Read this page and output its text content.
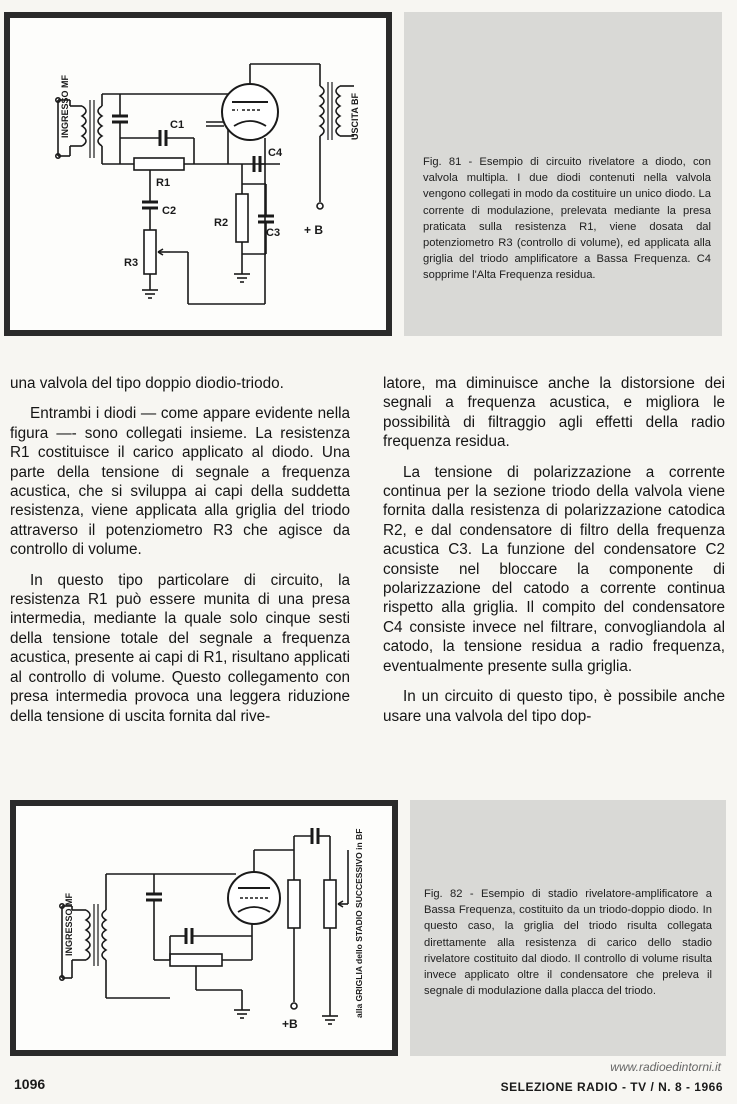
INGRESSO MF
R1
C1
C2
R3
C4
R2
C3
USCITA BF
+ B
Fig. 81 - Esempio di circuito rivelatore a diodo, con valvola multipla. I due diodi contenuti nella valvola vengono collegati in modo da costituire un unico diodo. La corrente di modulazione, prelevata mediante la presa praticata sulla resistenza R1, viene dosata dal potenziometro R3 (controllo di volume), ed applicata alla griglia del triodo amplificatore a Bassa Frequenza. C4 sopprime l'Alta Frequenza residua.

una valvola del tipo doppio diodio-triodo.

Entrambi i diodi — come appare evidente nella figura —- sono collegati insieme. La resistenza R1 costituisce il carico applicato al diodo. Una parte della tensione di segnale a frequenza acustica, che si sviluppa ai capi della suddetta resistenza, viene applicata alla griglia del triodo attraverso il potenziometro R3 che agisce da controllo di volume.

In questo tipo particolare di circuito, la resistenza R1 può essere munita di una presa intermedia, mediante la quale solo cinque sesti della tensione totale del segnale a frequenza acustica, presente ai capi di R1, risultano applicati al controllo di volume. Questo collegamento con presa intermedia provoca una leggera riduzione della tensione di uscita fornita dal rive-

latore, ma diminuisce anche la distorsione dei segnali a frequenza acustica, e migliora le possibilità di filtraggio agli effetti della radio frequenza residua.

La tensione di polarizzazione a corrente continua per la sezione triodo della valvola viene fornita dalla resistenza di polarizzazione catodica R2, e dal condensatore di filtro della frequenza acustica C3. La funzione del condensatore C2 consiste nel bloccare la componente di polarizzazione del catodo a corrente continua rispetto alla griglia. Il compito del condensatore C4 consiste invece nel filtrare, convogliandola al catodo, la tensione residua a radio frequenza, eventualmente presente sulla griglia.

In un circuito di questo tipo, è possibile anche usare una valvola del tipo dop-

INGRESSO MF
+B
alla GRIGLIA dello STADIO SUCCESSIVO in BF	Fig. 82 - Esempio di stadio rivelatore-amplificatore a Bassa Frequenza, costituito da un triodo-doppio diodo. In questo caso, la griglia del triodo risulta collegata direttamente alla resistenza di carico dello stadio rivelatore costituito dal diodo. Il controllo di volume risulta invece applicato oltre il condensatore che preleva il segnale di modulazione dalla placca del triodo.
www.radioedintorni.it
1096	SELEZIONE RADIO - TV / N. 8 - 1966
